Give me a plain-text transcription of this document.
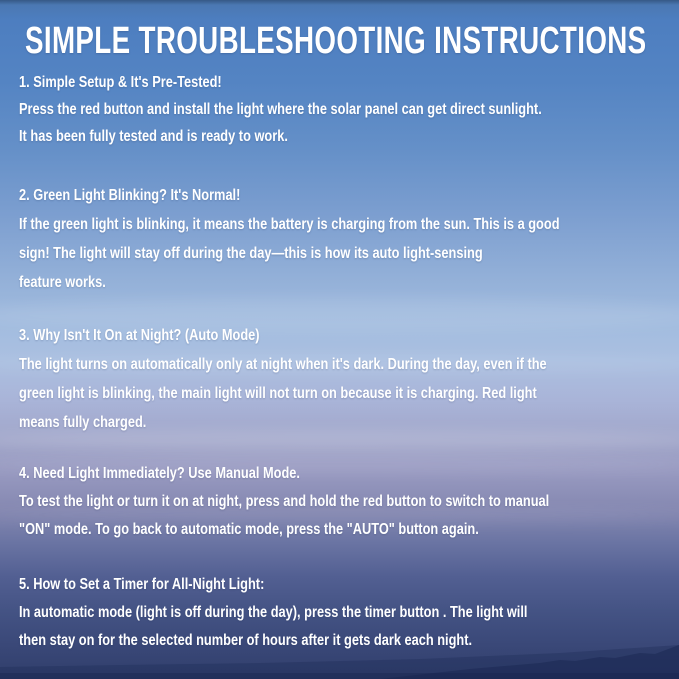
SIMPLE TROUBLESHOOTING INSTRUCTIONS
1. Simple Setup & It's Pre-Tested!
Press the red button and install the light where the solar panel can get direct sunlight.
It has been fully tested and is ready to work.
2. Green Light Blinking? It's Normal!
If the green light is blinking, it means the battery is charging from the sun. This is a good
sign! The light will stay off during the day—this is how its auto light-sensing
feature works.
3. Why Isn't It On at Night? (Auto Mode)
The light turns on automatically only at night when it's dark. During the day, even if the
green light is blinking, the main light will not turn on because it is charging. Red light
means fully charged.
4. Need Light Immediately? Use Manual Mode.
To test the light or turn it on at night, press and hold the red button to switch to manual
"ON" mode. To go back to automatic mode, press the "AUTO" button again.
5. How to Set a Timer for All-Night Light:
In automatic mode (light is off during the day), press the timer button . The light will
then stay on for the selected number of hours after it gets dark each night.
